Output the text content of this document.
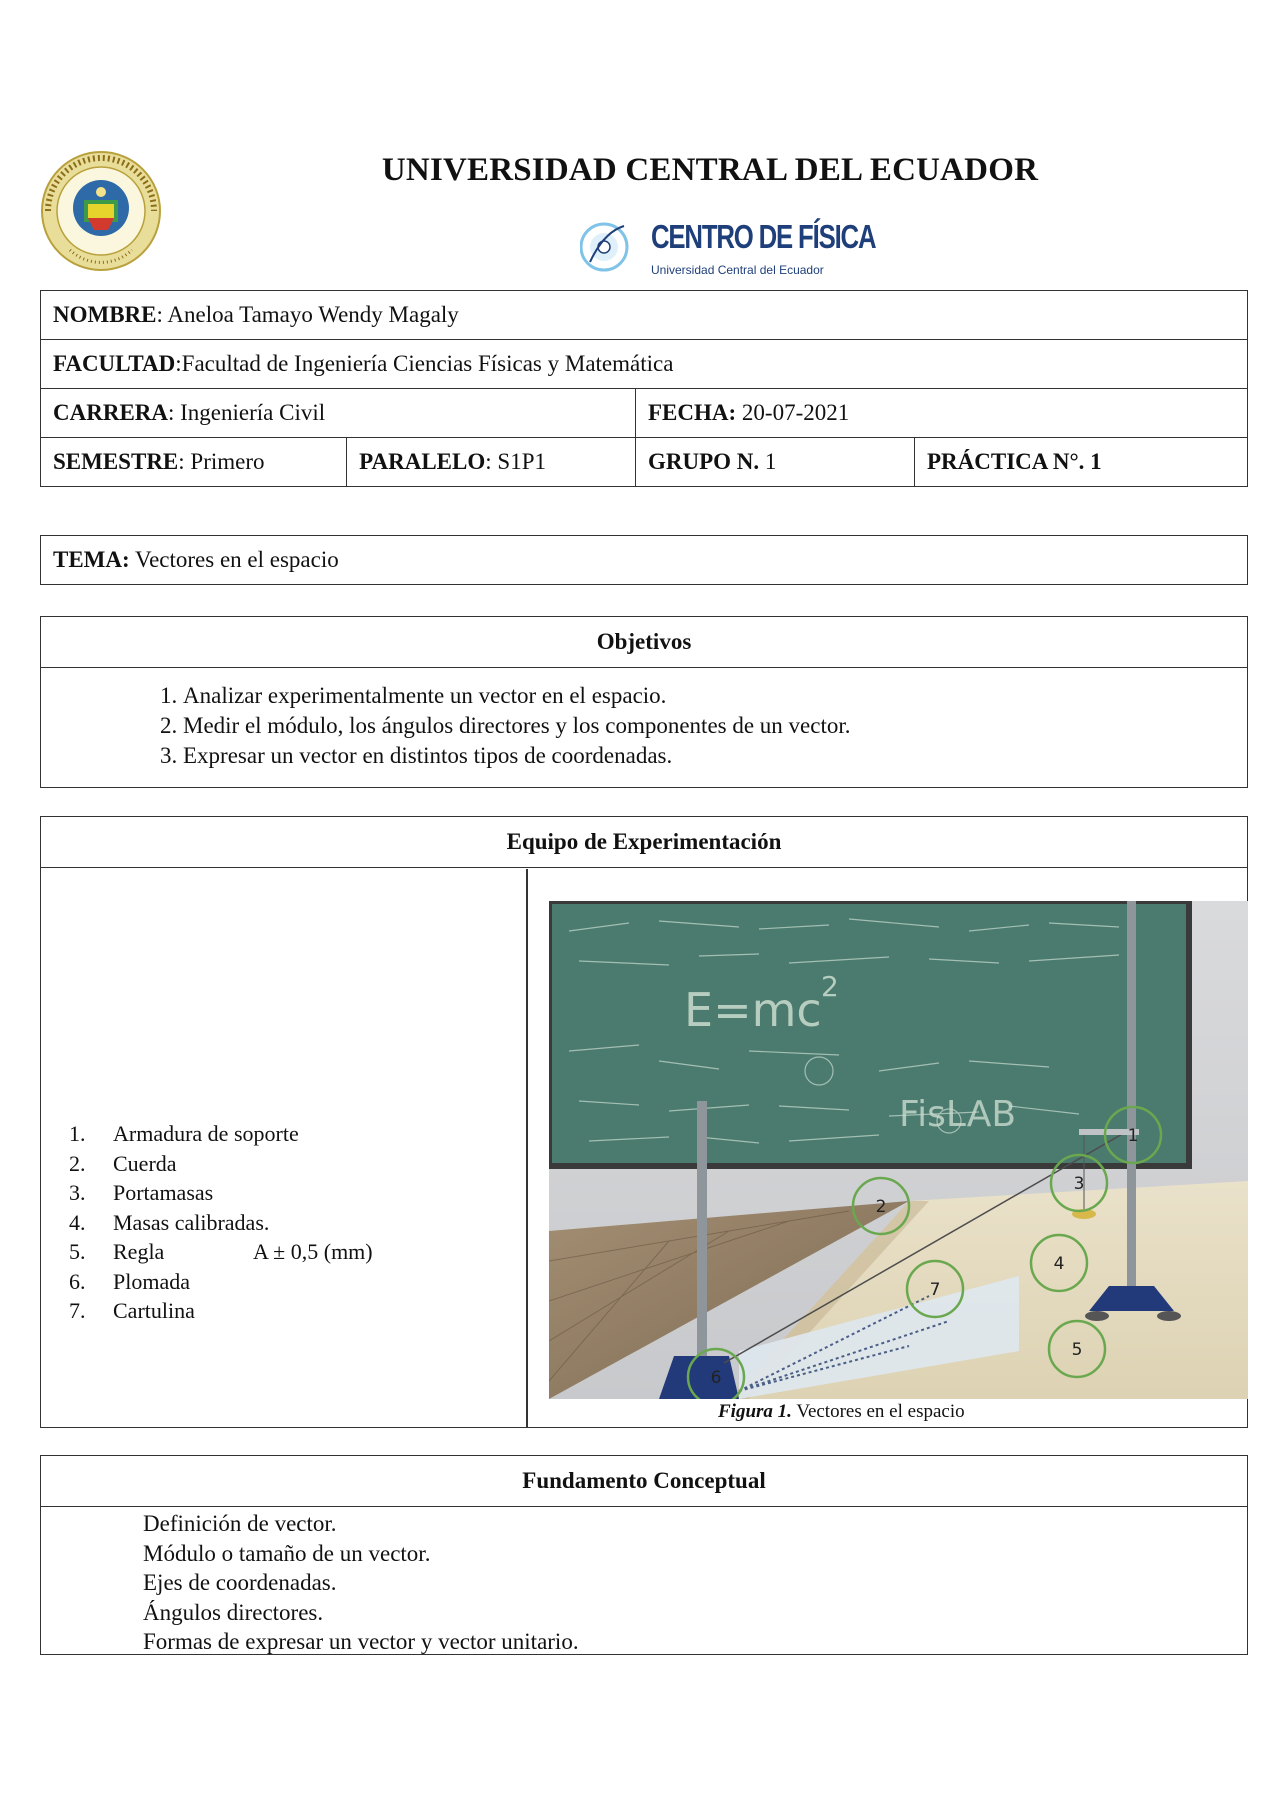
UNIVERSIDAD CENTRAL DEL ECUADOR
CENTRO DE FÍSICA
Universidad Central del Ecuador
NOMBRE: Aneloa Tamayo Wendy Magaly			
FACULTAD:Facultad de Ingeniería Ciencias Físicas y Matemática			
CARRERA: Ingeniería Civil		FECHA: 20-07-2021	
SEMESTRE: Primero	PARALELO: S1P1	GRUPO N. 1	PRÁCTICA N°. 1
TEMA: Vectores en el espacio
Objetivos
1. Analizar experimentalmente un vector en el espacio.
2. Medir el módulo, los ángulos directores y los componentes de un vector.
3. Expresar un vector en distintos tipos de coordenadas.
Equipo de Experimentación
1.	Armadura de soporte
2.	Cuerda
3.	Portamasas
4.	Masas calibradas.
5.	Regla	A ± 0,5 (mm)
6.	Plomada
7.	Cartulina
E=mc 2
FisLAB
1
2
3
4
5
6
7
Figura 1. Vectores en el espacio
Fundamento Conceptual
Definición de vector.
Módulo o tamaño de un vector.
Ejes de coordenadas.
Ángulos directores.
Formas de expresar un vector y vector unitario.
